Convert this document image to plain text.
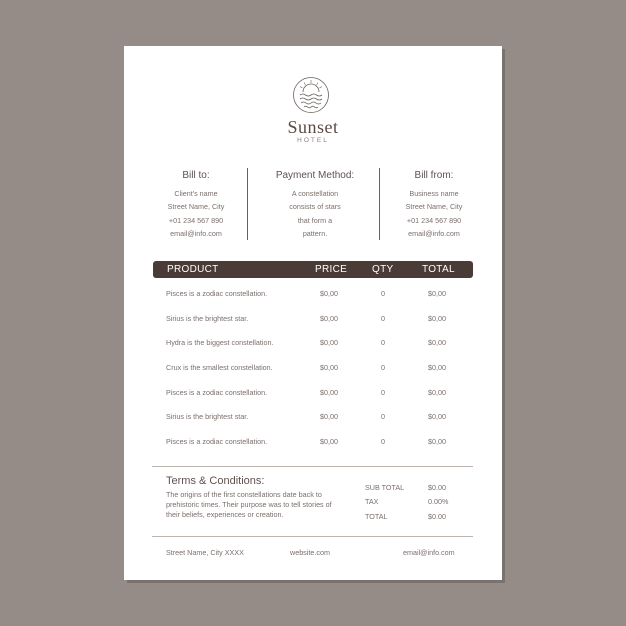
Sunset
HOTEL
Bill to:
Client's name
Street Name, City
+01 234 567 890
email@info.com
Payment Method:
A constellation
consists of stars
that form a
pattern.
Bill from:
Business name
Street Name, City
+01 234 567 890
email@info.com
PRODUCT	PRICE QTY	TOTAL
Pisces is a zodiac constellation.	$0,00	0	$0,00
Sirius is the brightest star.	$0,00	0	$0,00
Hydra is the biggest constellation.	$0,00	0	$0,00
Crux is the smallest constellation.	$0,00	0	$0,00
Pisces is a zodiac constellation.	$0,00	0	$0,00
Sirius is the brightest star.	$0,00	0	$0,00
Pisces is a zodiac constellation.	$0,00	0	$0,00
Terms & Conditions:
The origins of the first constellations date back to prehistoric times. Their purpose was to tell stories of their beliefs, experiences or creation.
SUB TOTAL	$0.00
TAX	0.00%
TOTAL	$0.00
Street Name, City XXXX	website.com	email@info.com
